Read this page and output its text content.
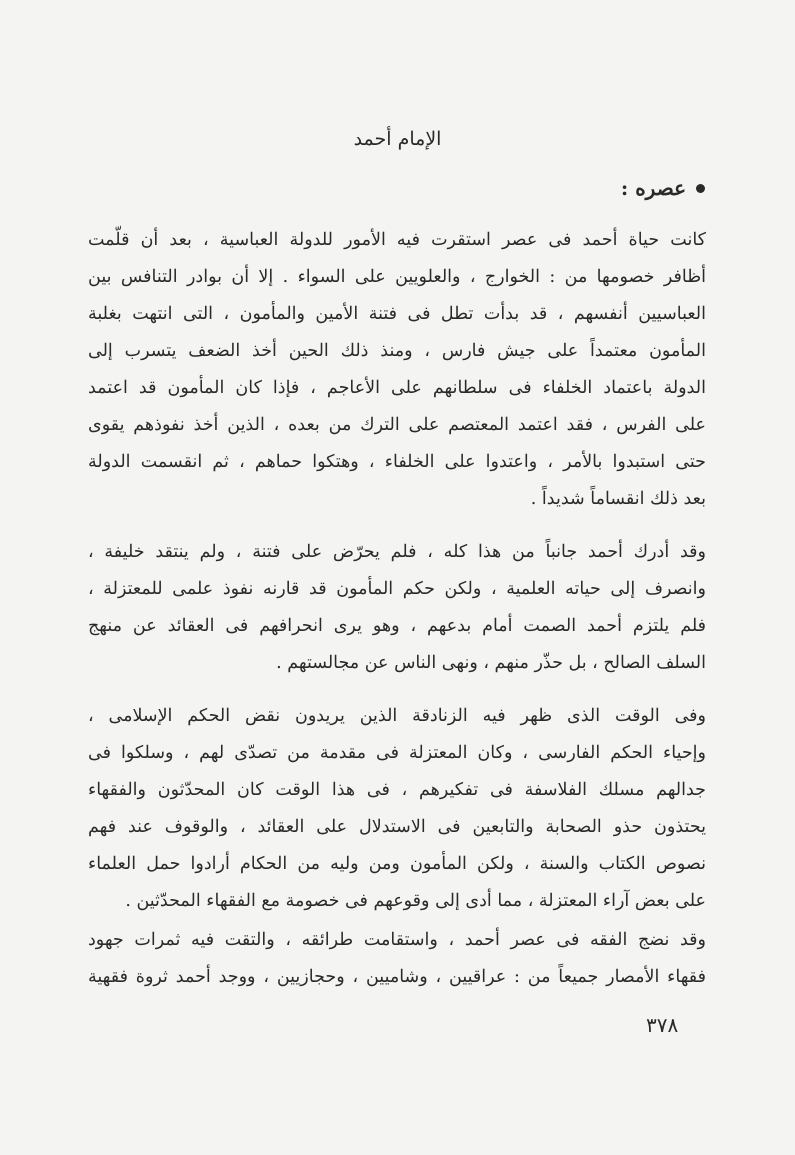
الإمام أحمد
عصره :
كانت حياة أحمد فى عصر استقرت فيه الأمور للدولة العباسية ، بعد أن قلّمت
أظافر خصومها من : الخوارج ، والعلويين على السواء . إلا أن بوادر التنافس بين
العباسيين أنفسهم ، قد بدأت تطل فى فتنة الأمين والمأمون ، التى انتهت بغلبة
المأمون معتمداً على جيش فارس ، ومنذ ذلك الحين أخذ الضعف يتسرب إلى
الدولة باعتماد الخلفاء فى سلطانهم على الأعاجم ، فإذا كان المأمون قد اعتمد
على الفرس ، فقد اعتمد المعتصم على الترك من بعده ، الذين أخذ نفوذهم يقوى
حتى استبدوا بالأمر ، واعتدوا على الخلفاء ، وهتكوا حماهم ، ثم انقسمت الدولة
بعد ذلك انقساماً شديداً .
وقد أدرك أحمد جانباً من هذا كله ، فلم يحرّض على فتنة ، ولم ينتقد خليفة ،
وانصرف إلى حياته العلمية ، ولكن حكم المأمون قد قارنه نفوذ علمى للمعتزلة ،
فلم يلتزم أحمد الصمت أمام بدعهم ، وهو يرى انحرافهم فى العقائد عن منهج
السلف الصالح ، بل حذّر منهم ، ونهى الناس عن مجالستهم .
وفى الوقت الذى ظهر فيه الزنادقة الذين يريدون نقض الحكم الإسلامى ،
وإحياء الحكم الفارسى ، وكان المعتزلة فى مقدمة من تصدّى لهم ، وسلكوا فى
جدالهم مسلك الفلاسفة فى تفكيرهم ، فى هذا الوقت كان المحدّثون والفقهاء
يحتذون حذو الصحابة والتابعين فى الاستدلال على العقائد ، والوقوف عند فهم
نصوص الكتاب والسنة ، ولكن المأمون ومن وليه من الحكام أرادوا حمل العلماء
على بعض آراء المعتزلة ، مما أدى إلى وقوعهم فى خصومة مع الفقهاء المحدّثين .
وقد نضج الفقه فى عصر أحمد ، واستقامت طرائقه ، والتقت فيه ثمرات جهود
فقهاء الأمصار جميعاً من : عراقيين ، وشاميين ، وحجازيين ، ووجد أحمد ثروة فقهية
٣٧٨
